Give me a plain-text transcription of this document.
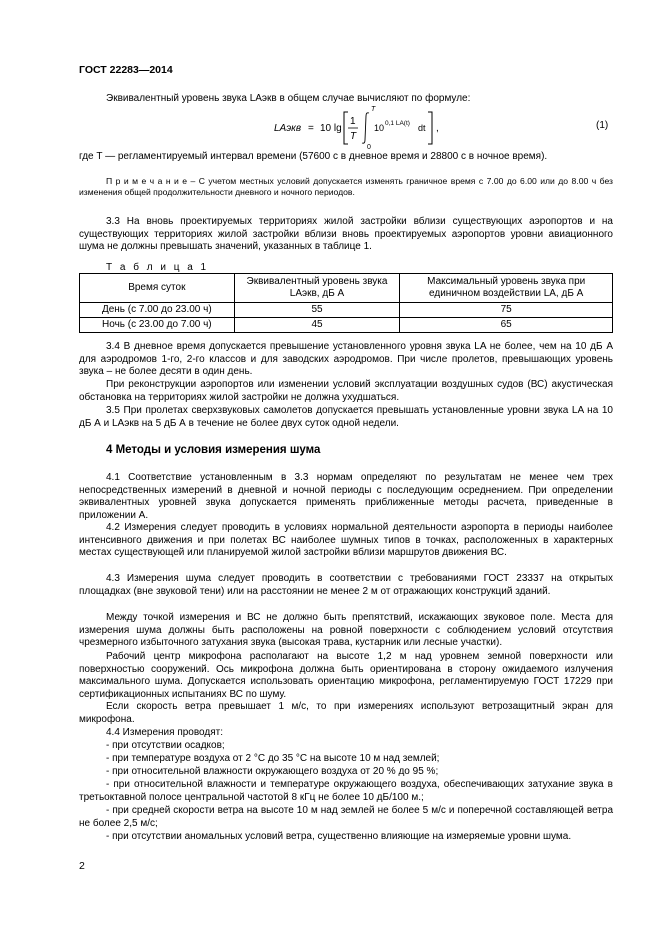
ГОСТ 22283—2014
Эквивалентный уровень звука LAэкв в общем случае вычисляют по формуле:
LAэкв = 10 lg
1
T
T
0
10 0,1 LA(t) dt ,	(1)
где T — регламентируемый интервал времени (57600 с в дневное время и 28800 с в ночное время).
П р и м е ч а н и е – С учетом местных условий допускается изменять граничное время с 7.00 до 6.00 или до 8.00 ч без изменения общей продолжительности дневного и ночного периодов.
3.3 На вновь проектируемых территориях жилой застройки вблизи существующих аэропортов и на существующих территориях жилой застройки вблизи вновь проектируемых аэропортов уровни авиационного шума не должны превышать значений, указанных в таблице 1.
Т а б л и ц а 1
Время суток	Эквивалентный уровень звука LAэкв, дБ А	Максимальный уровень звука при единичном воздействии LA, дБ А
День (с 7.00 до 23.00 ч)	55	75
Ночь (с 23.00 до 7.00 ч)	45	65
3.4 В дневное время допускается превышение установленного уровня звука LA не более, чем на 10 дБ А для аэродромов 1-го, 2-го классов и для заводских аэродромов. При числе пролетов, превышающих уровень звука – не более десяти в один день.
При реконструкции аэропортов или изменении условий эксплуатации воздушных судов (ВС) акустическая обстановка на территориях жилой застройки не должна ухудшаться.
3.5 При пролетах сверхзвуковых самолетов допускается превышать установленные уровни звука LA на 10 дБ А и LAэкв на 5 дБ А в течение не более двух суток одной недели.
4 Методы и условия измерения шума
4.1 Соответствие установленным в 3.3 нормам определяют по результатам не менее чем трех непосредственных измерений в дневной и ночной периоды с последующим осреднением. При определении эквивалентных уровней звука допускается применять приближенные методы расчета, приведенные в приложении А.
4.2 Измерения следует проводить в условиях нормальной деятельности аэропорта в периоды наиболее интенсивного движения и при полетах ВС наиболее шумных типов в точках, расположенных в характерных местах существующей или планируемой жилой застройки вблизи маршрутов движения ВС.
4.3 Измерения шума следует проводить в соответствии с требованиями ГОСТ 23337 на открытых площадках (вне звуковой тени) или на расстоянии не менее 2 м от отражающих конструкций зданий.
Между точкой измерения и ВС не должно быть препятствий, искажающих звуковое поле. Места для измерения шума должны быть расположены на ровной поверхности с соблюдением условий отсутствия чрезмерного избыточного затухания звука (высокая трава, кустарник или лесные участки).
Рабочий центр микрофона располагают на высоте 1,2 м над уровнем земной поверхности или поверхностью сооружений. Ось микрофона должна быть ориентирована в сторону ожидаемого излучения максимального шума. Допускается использовать ориентацию микрофона, регламентируемую ГОСТ 17229 при сертификационных испытаниях ВС по шуму.
Если скорость ветра превышает 1 м/с, то при измерениях используют ветрозащитный экран для микрофона.
4.4 Измерения проводят:
- при отсутствии осадков;
- при температуре воздуха от 2 °С до 35 °С на высоте 10 м над землей;
- при относительной влажности окружающего воздуха от 20 % до 95 %;
- при относительной влажности и температуре окружающего воздуха, обеспечивающих затухание звука в третьоктавной полосе центральной частотой 8 кГц не более 10 дБ/100 м.;
- при средней скорости ветра на высоте 10 м над землей не более 5 м/с и поперечной составляющей ветра не более 2,5 м/с;
- при отсутствии аномальных условий ветра, существенно влияющие на измеряемые уровни шума.
2
